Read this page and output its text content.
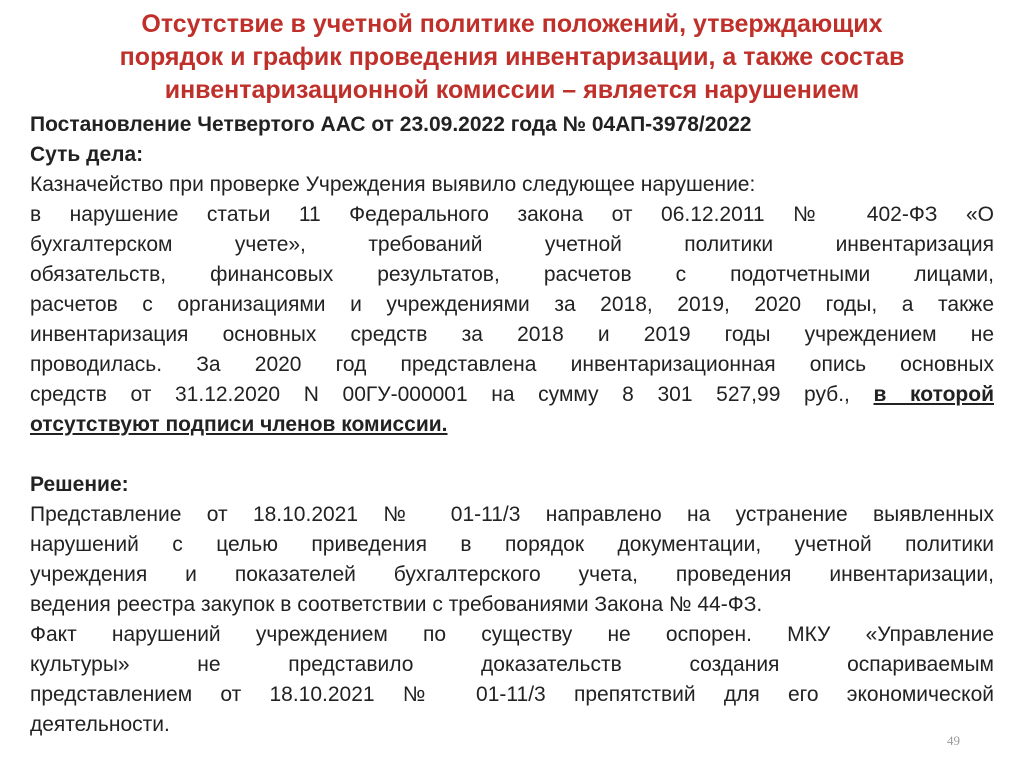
Отсутствие в учетной политике положений, утверждающих
порядок и график проведения инвентаризации, а также состав
инвентаризационной комиссии – является нарушением

Постановление Четвертого ААС от 23.09.2022 года № 04АП-3978/2022

Суть дела:

Казначейство при проверке Учреждения выявило следующее нарушение:

в нарушение статьи 11 Федерального закона от 06.12.2011 № 402-ФЗ «О

бухгалтерском учете», требований учетной политики инвентаризация

обязательств, финансовых результатов, расчетов с подотчетными лицами,

расчетов с организациями и учреждениями за 2018, 2019, 2020 годы, а также

инвентаризация основных средств за 2018 и 2019 годы учреждением не

проводилась. За 2020 год представлена инвентаризационная опись основных

средств от 31.12.2020 N 00ГУ-000001 на сумму 8 301 527,99 руб., в которой

отсутствуют подписи членов комиссии.

Решение:

Представление от 18.10.2021 № 01-11/3 направлено на устранение выявленных

нарушений с целью приведения в порядок документации, учетной политики

учреждения и показателей бухгалтерского учета, проведения инвентаризации,

ведения реестра закупок в соответствии с требованиями Закона № 44-ФЗ.

Факт нарушений учреждением по существу не оспорен. МКУ «Управление

культуры» не представило доказательств создания оспариваемым

представлением от 18.10.2021 № 01-11/3 препятствий для его экономической

деятельности.

49
